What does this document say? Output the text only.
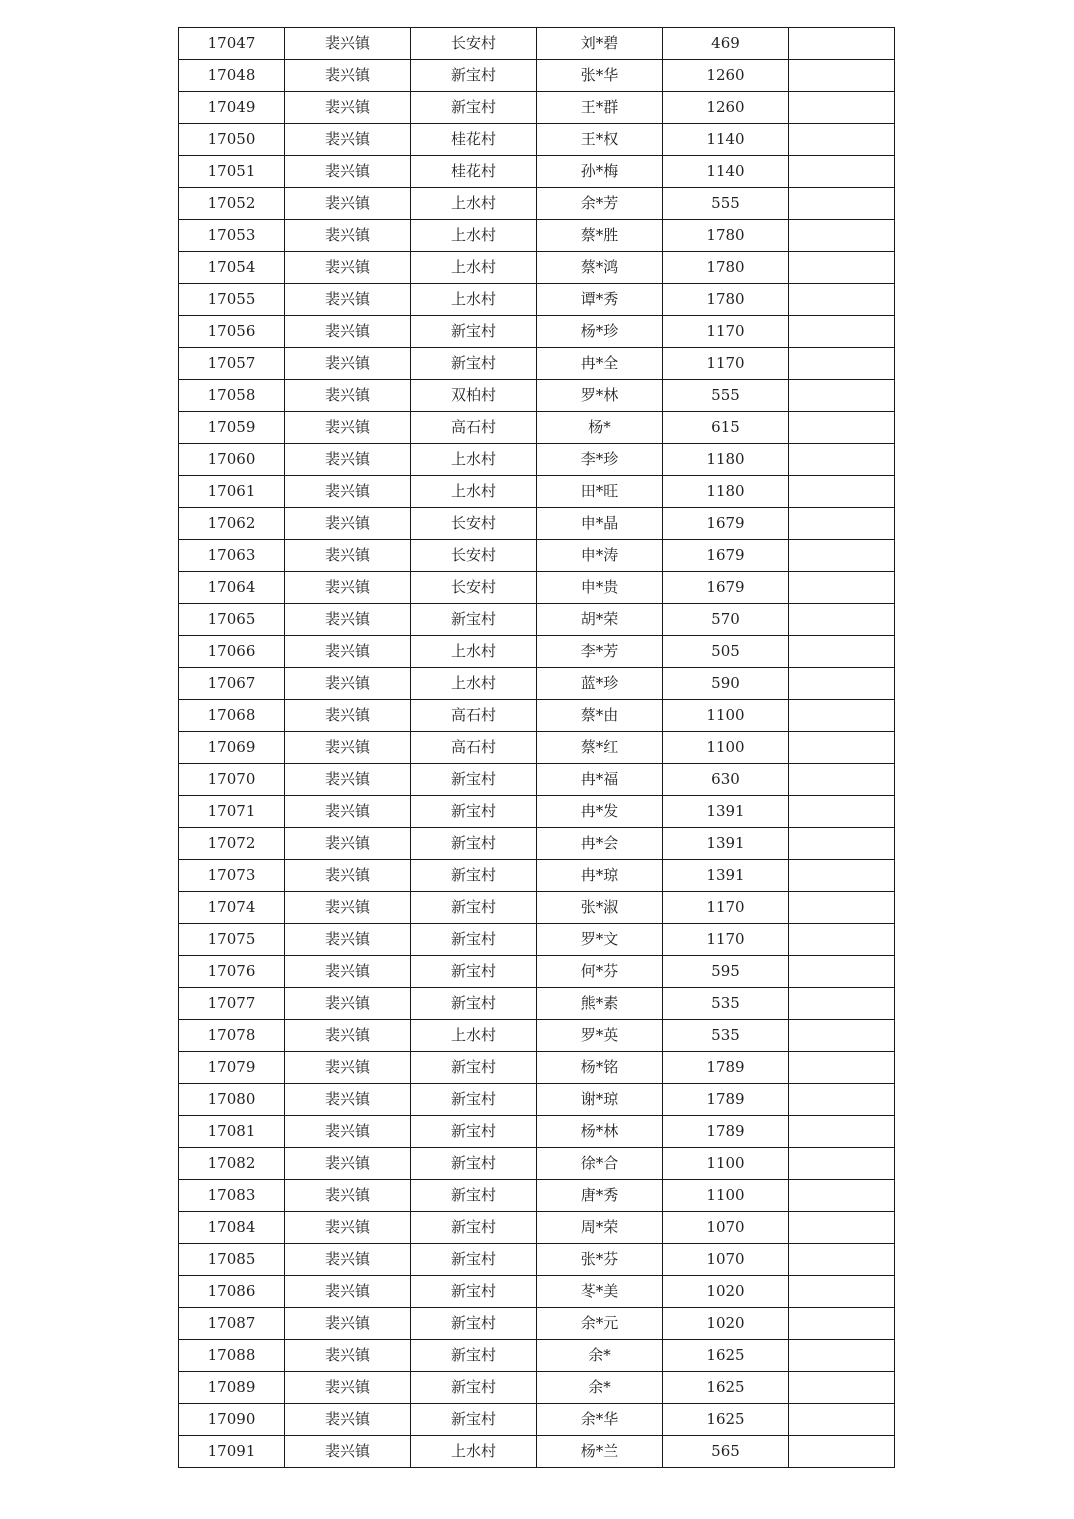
17047	裴兴镇	长安村	刘*碧	469	
17048	裴兴镇	新宝村	张*华	1260	
17049	裴兴镇	新宝村	王*群	1260	
17050	裴兴镇	桂花村	王*权	1140	
17051	裴兴镇	桂花村	孙*梅	1140	
17052	裴兴镇	上水村	余*芳	555	
17053	裴兴镇	上水村	蔡*胜	1780	
17054	裴兴镇	上水村	蔡*鸿	1780	
17055	裴兴镇	上水村	谭*秀	1780	
17056	裴兴镇	新宝村	杨*珍	1170	
17057	裴兴镇	新宝村	冉*全	1170	
17058	裴兴镇	双柏村	罗*林	555	
17059	裴兴镇	高石村	杨*	615	
17060	裴兴镇	上水村	李*珍	1180	
17061	裴兴镇	上水村	田*旺	1180	
17062	裴兴镇	长安村	申*晶	1679	
17063	裴兴镇	长安村	申*涛	1679	
17064	裴兴镇	长安村	申*贵	1679	
17065	裴兴镇	新宝村	胡*荣	570	
17066	裴兴镇	上水村	李*芳	505	
17067	裴兴镇	上水村	蓝*珍	590	
17068	裴兴镇	高石村	蔡*由	1100	
17069	裴兴镇	高石村	蔡*红	1100	
17070	裴兴镇	新宝村	冉*福	630	
17071	裴兴镇	新宝村	冉*发	1391	
17072	裴兴镇	新宝村	冉*会	1391	
17073	裴兴镇	新宝村	冉*琼	1391	
17074	裴兴镇	新宝村	张*淑	1170	
17075	裴兴镇	新宝村	罗*文	1170	
17076	裴兴镇	新宝村	何*芬	595	
17077	裴兴镇	新宝村	熊*素	535	
17078	裴兴镇	上水村	罗*英	535	
17079	裴兴镇	新宝村	杨*铭	1789	
17080	裴兴镇	新宝村	谢*琼	1789	
17081	裴兴镇	新宝村	杨*林	1789	
17082	裴兴镇	新宝村	徐*合	1100	
17083	裴兴镇	新宝村	唐*秀	1100	
17084	裴兴镇	新宝村	周*荣	1070	
17085	裴兴镇	新宝村	张*芬	1070	
17086	裴兴镇	新宝村	苳*美	1020	
17087	裴兴镇	新宝村	余*元	1020	
17088	裴兴镇	新宝村	余*	1625	
17089	裴兴镇	新宝村	余*	1625	
17090	裴兴镇	新宝村	余*华	1625	
17091	裴兴镇	上水村	杨*兰	565	
